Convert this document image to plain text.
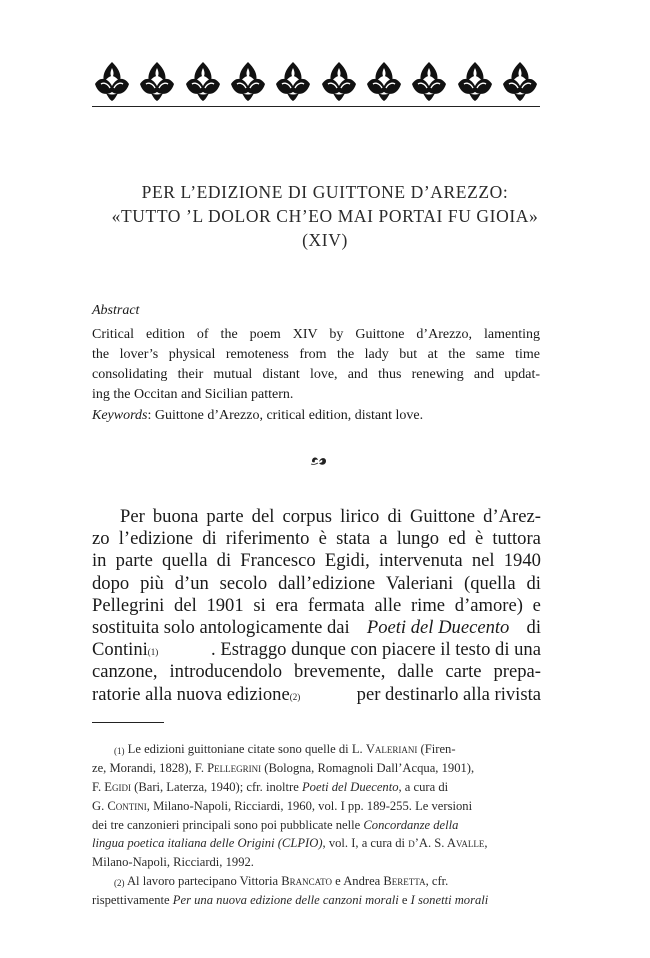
PER L’EDIZIONE DI GUITTONE D’AREZZO:
«TUTTO ’L DOLOR CH’EO MAI PORTAI FU GIOIA»
(XIV)
Abstract
Critical edition of the poem XIV by Guittone d’Arezzo, lamenting
the lover’s physical remoteness from the lady but at the same time
consolidating their mutual distant love, and thus renewing and updat-
ing the Occitan and Sicilian pattern.
Keywords: Guittone d’Arezzo, critical edition, distant love.
Per buona parte del corpus lirico di Guittone d’Arez-
zo l’edizione di riferimento è stata a lungo ed è tuttora
in parte quella di Francesco Egidi, intervenuta nel 1940
dopo più d’un secolo dall’edizione Valeriani (quella di
Pellegrini del 1901 si era fermata alle rime d’amore) e
sostituita solo antologicamente dai Poeti del Duecento di
Contini$^{(1)}$	. Estraggo dunque con piacere il testo di una
canzone, introducendolo brevemente, dalle carte prepa-
ratorie alla nuova edizione$^{(2)}$	per destinarlo alla rivista
$^{(1)}$ Le edizioni guittoniane citate sono quelle di L. Valeriani (Firen-
ze, Morandi, 1828), F. Pellegrini (Bologna, Romagnoli Dall’Acqua, 1901),
F. Egidi (Bari, Laterza, 1940); cfr. inoltre Poeti del Duecento, a cura di
G. Contini, Milano-Napoli, Ricciardi, 1960, vol. I pp. 189-255. Le versioni
dei tre canzonieri principali sono poi pubblicate nelle Concordanze della
lingua poetica italiana delle Origini (CLPIO), vol. I, a cura di d’A. S. Avalle,
Milano-Napoli, Ricciardi, 1992.
$^{(2)}$ Al lavoro partecipano Vittoria Brancato e Andrea Beretta, cfr.
rispettivamente Per una nuova edizione delle canzoni morali e I sonetti morali
